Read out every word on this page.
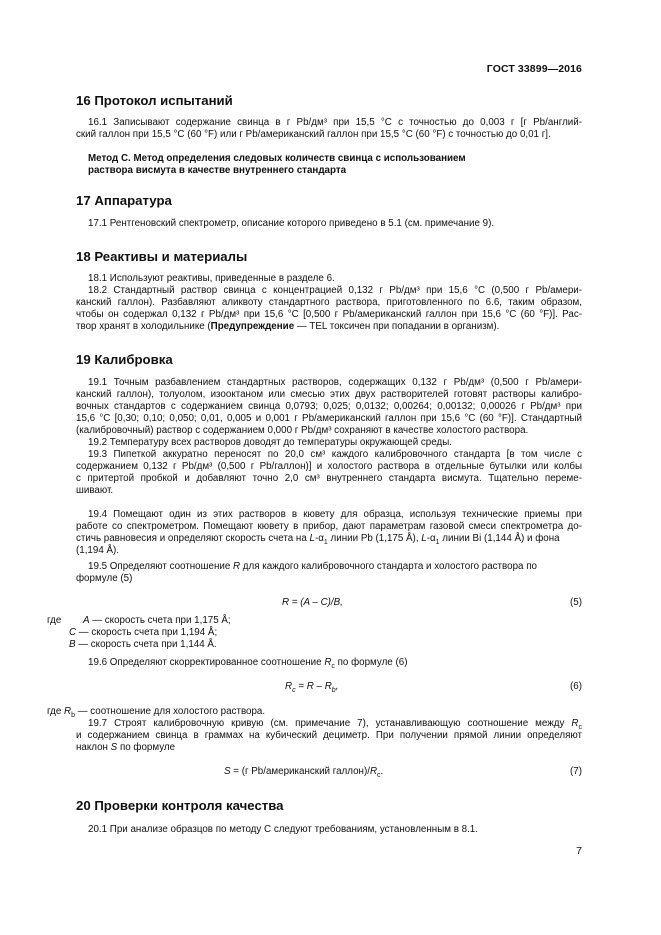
ГОСТ 33899—2016
16 Протокол испытаний
16.1 Записывают содержание свинца в г Pb/дм³ при 15,5 °С с точностью до 0,003 г [г Pb/англий-
ский галлон при 15,5 °С (60 °F) или г Pb/американский галлон при 15,5 °С (60 °F) с точностью до 0,01 г].
Метод С. Метод определения следовых количеств свинца с использованием
раствора висмута в качестве внутреннего стандарта
17 Аппаратура
17.1 Рентгеновский спектрометр, описание которого приведено в 5.1 (см. примечание 9).
18 Реактивы и материалы
18.1 Используют реактивы, приведенные в разделе 6.
18.2 Стандартный раствор свинца с концентрацией 0,132 г Pb/дм³ при 15,6 °С (0,500 г Pb/амери-
канский галлон). Разбавляют аликвоту стандартного раствора, приготовленного по 6.6, таким образом,
чтобы он содержал 0,132 г Pb/дм³ при 15,6 °С [0,500 г Pb/американский галлон при 15,6 °С (60 °F)]. Рас-
твор хранят в холодильнике (Предупреждение — TEL токсичен при попадании в организм).
19 Калибровка
19.1 Точным разбавлением стандартных растворов, содержащих 0,132 г Pb/дм³ (0,500 г Pb/амери-
канский галлон), толуолом, изооктаном или смесью этих двух растворителей готовят растворы калибро-
вочных стандартов с содержанием свинца 0,0793; 0,025; 0,0132; 0,00264; 0,00132; 0,00026 г Pb/дм³ при
15,6 °С [0,30; 0,10; 0,050; 0,01, 0,005 и 0,001 г Pb/американский галлон при 15,6 °С (60 °F)]. Стандартный
(калибровочный) раствор с содержанием 0,000 г Pb/дм³ сохраняют в качестве холостого раствора.
19.2 Температуру всех растворов доводят до температуры окружающей среды.
19.3 Пипеткой аккуратно переносят по 20,0 см³ каждого калибровочного стандарта [в том числе с
содержанием 0,132 г Pb/дм³ (0,500 г Pb/галлон)] и холостого раствора в отдельные бутылки или колбы
с притертой пробкой и добавляют точно 2,0 см³ внутреннего стандарта висмута. Тщательно переме-
шивают.
19.4 Помещают один из этих растворов в кювету для образца, используя технические приемы при
работе со спектрометром. Помещают кювету в прибор, дают параметрам газовой смеси спектрометра до-
стичь равновесия и определяют скорость счета на $L-\alpha_1$ линии Pb (1,175 Å), $L-\alpha_1$ линии Bi (1,144 Å) и фона
(1,194 Å).
19.5 Определяют соотношение R для каждого калибровочного стандарта и холостого раствора по
формуле (5)
R = (A – C)/B,	(5)
где A — скорость счета при 1,175 Å;
C — скорость счета при 1,194 Å;
B — скорость счета при 1,144 Å.
19.6 Определяют скорректированное соотношение $R_c$ по формуле (6)
$R_c = R - R_b$,	(6)
где $R_b$ — соотношение для холостого раствора.
19.7 Строят калибровочную кривую (см. примечание 7), устанавливающую соотношение между $R_c$
и содержанием свинца в граммах на кубический дециметр. При получении прямой линии определяют
наклон S по формуле
S = (г Pb/американский $галлон)/R_c$.	(7)
20 Проверки контроля качества
20.1 При анализе образцов по методу С следуют требованиям, установленным в 8.1.
7
